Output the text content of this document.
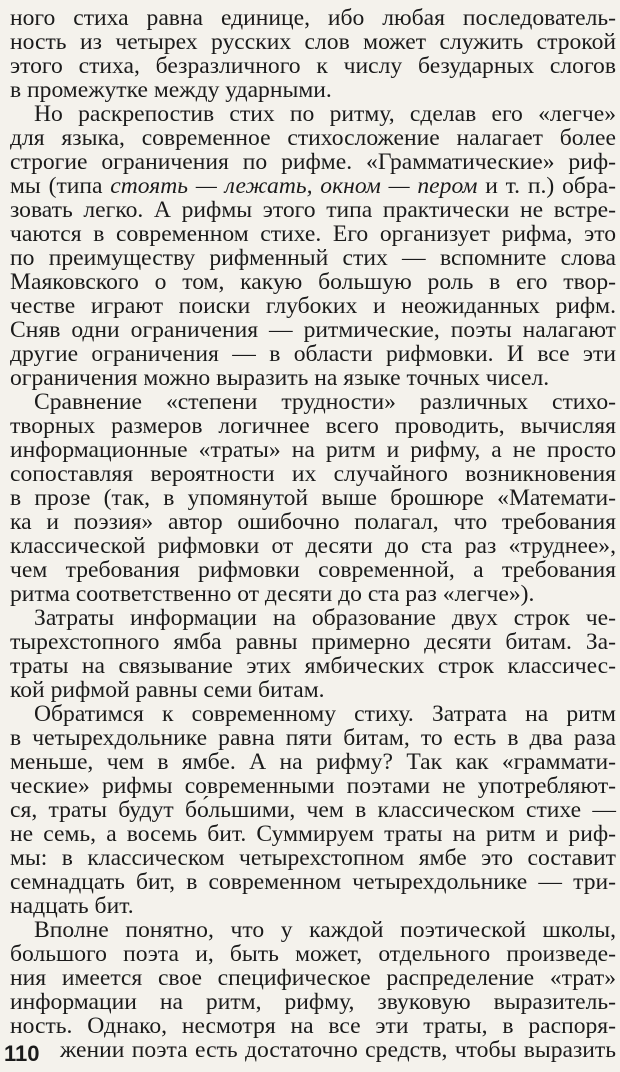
ного стиха равна единице, ибо любая последователь-
ность из четырех русских слов может служить строкой
этого стиха, безразличного к числу безударных слогов
в промежутке между ударными.
Но раскрепостив стих по ритму, сделав его «легче»
для языка, современное стихосложение налагает более
строгие ограничения по рифме. «Грамматические» риф-
мы (типа стоять — лежать, окном — пером и т. п.) обра-
зовать легко. А рифмы этого типа практически не встре-
чаются в современном стихе. Его организует рифма, это
по преимуществу рифменный стих — вспомните слова
Маяковского о том, какую большую роль в его твор-
честве играют поиски глубоких и неожиданных рифм.
Сняв одни ограничения — ритмические, поэты налагают
другие ограничения — в области рифмовки. И все эти
ограничения можно выразить на языке точных чисел.
Сравнение «степени трудности» различных стихо-
творных размеров логичнее всего проводить, вычисляя
информационные «траты» на ритм и рифму, а не просто
сопоставляя вероятности их случайного возникновения
в прозе (так, в упомянутой выше брошюре «Математи-
ка и поэзия» автор ошибочно полагал, что требования
классической рифмовки от десяти до ста раз «труднее»,
чем требования рифмовки современной, а требования
ритма соответственно от десяти до ста раз «легче»).
Затраты информации на образование двух строк че-
тырехстопного ямба равны примерно десяти битам. За-
траты на связывание этих ямбических строк классичес-
кой рифмой равны семи битам.
Обратимся к современному стиху. Затрата на ритм
в четырехдольнике равна пяти битам, то есть в два раза
меньше, чем в ямбе. А на рифму? Так как «граммати-
ческие» рифмы современными поэтами не употребляют-
ся, траты будут бо́льшими, чем в классическом стихе —
не семь, а восемь бит. Суммируем траты на ритм и риф-
мы: в классическом четырехстопном ямбе это составит
семнадцать бит, в современном четырехдольнике — три-
надцать бит.
Вполне понятно, что у каждой поэтической школы,
большого поэта и, быть может, отдельного произведе-
ния имеется свое специфическое распределение «трат»
информации на ритм, рифму, звуковую выразитель-
ность. Однако, несмотря на все эти траты, в распоря-
жении поэта есть достаточно средств, чтобы выразить
110
